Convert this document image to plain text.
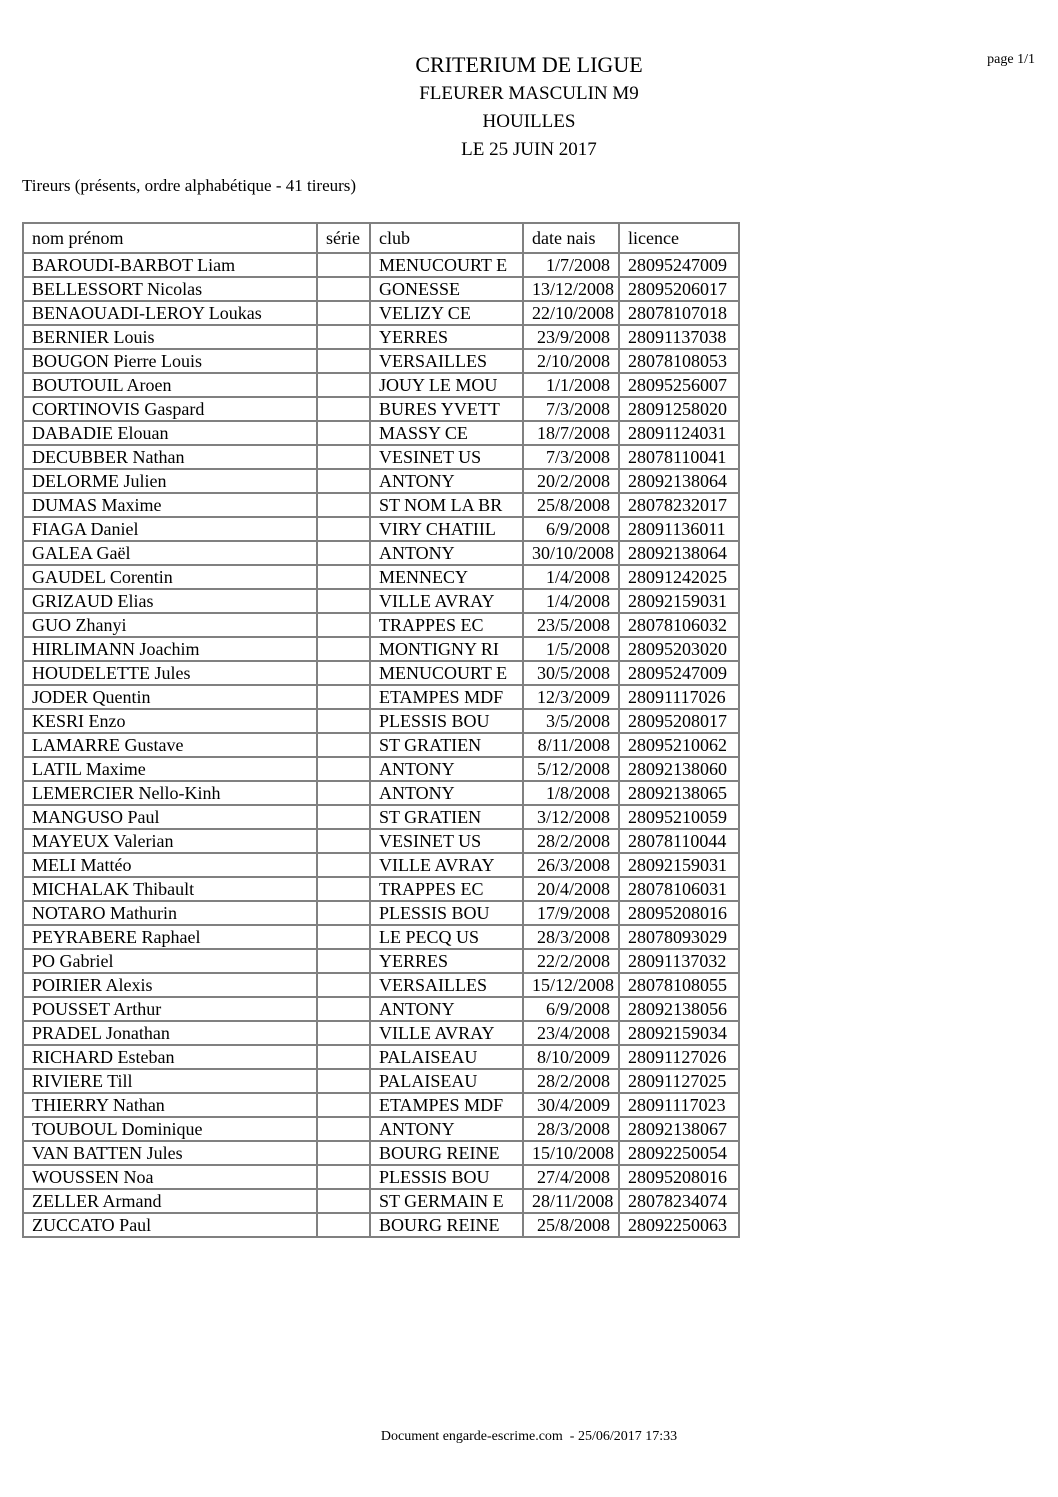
page 1/1
CRITERIUM DE LIGUE
FLEURER MASCULIN M9
HOUILLES
LE 25 JUIN 2017
Tireurs (présents, ordre alphabétique - 41 tireurs)
nom prénom	série	club	date nais	licence
BAROUDI-BARBOT Liam		MENUCOURT E	1/7/2008	28095247009
BELLESSORT Nicolas		GONESSE	13/12/2008	28095206017
BENAOUADI-LEROY Loukas		VELIZY CE	22/10/2008	28078107018
BERNIER Louis		YERRES	23/9/2008	28091137038
BOUGON Pierre Louis		VERSAILLES	2/10/2008	28078108053
BOUTOUIL Aroen		JOUY LE MOU	1/1/2008	28095256007
CORTINOVIS Gaspard		BURES YVETT	7/3/2008	28091258020
DABADIE Elouan		MASSY CE	18/7/2008	28091124031
DECUBBER Nathan		VESINET US	7/3/2008	28078110041
DELORME Julien		ANTONY	20/2/2008	28092138064
DUMAS Maxime		ST NOM LA BR	25/8/2008	28078232017
FIAGA Daniel		VIRY CHATIIL	6/9/2008	28091136011
GALEA Gaël		ANTONY	30/10/2008	28092138064
GAUDEL Corentin		MENNECY	1/4/2008	28091242025
GRIZAUD Elias		VILLE AVRAY	1/4/2008	28092159031
GUO Zhanyi		TRAPPES EC	23/5/2008	28078106032
HIRLIMANN Joachim		MONTIGNY RI	1/5/2008	28095203020
HOUDELETTE Jules		MENUCOURT E	30/5/2008	28095247009
JODER Quentin		ETAMPES MDF	12/3/2009	28091117026
KESRI Enzo		PLESSIS BOU	3/5/2008	28095208017
LAMARRE Gustave		ST GRATIEN	8/11/2008	28095210062
LATIL Maxime		ANTONY	5/12/2008	28092138060
LEMERCIER Nello-Kinh		ANTONY	1/8/2008	28092138065
MANGUSO Paul		ST GRATIEN	3/12/2008	28095210059
MAYEUX Valerian		VESINET US	28/2/2008	28078110044
MELI Mattéo		VILLE AVRAY	26/3/2008	28092159031
MICHALAK Thibault		TRAPPES EC	20/4/2008	28078106031
NOTARO Mathurin		PLESSIS BOU	17/9/2008	28095208016
PEYRABERE Raphael		LE PECQ US	28/3/2008	28078093029
PO Gabriel		YERRES	22/2/2008	28091137032
POIRIER Alexis		VERSAILLES	15/12/2008	28078108055
POUSSET Arthur		ANTONY	6/9/2008	28092138056
PRADEL Jonathan		VILLE AVRAY	23/4/2008	28092159034
RICHARD Esteban		PALAISEAU	8/10/2009	28091127026
RIVIERE Till		PALAISEAU	28/2/2008	28091127025
THIERRY Nathan		ETAMPES MDF	30/4/2009	28091117023
TOUBOUL Dominique		ANTONY	28/3/2008	28092138067
VAN BATTEN Jules		BOURG REINE	15/10/2008	28092250054
WOUSSEN Noa		PLESSIS BOU	27/4/2008	28095208016
ZELLER Armand		ST GERMAIN E	28/11/2008	28078234074
ZUCCATO Paul		BOURG REINE	25/8/2008	28092250063
Document engarde-escrime.com  - 25/06/2017 17:33
